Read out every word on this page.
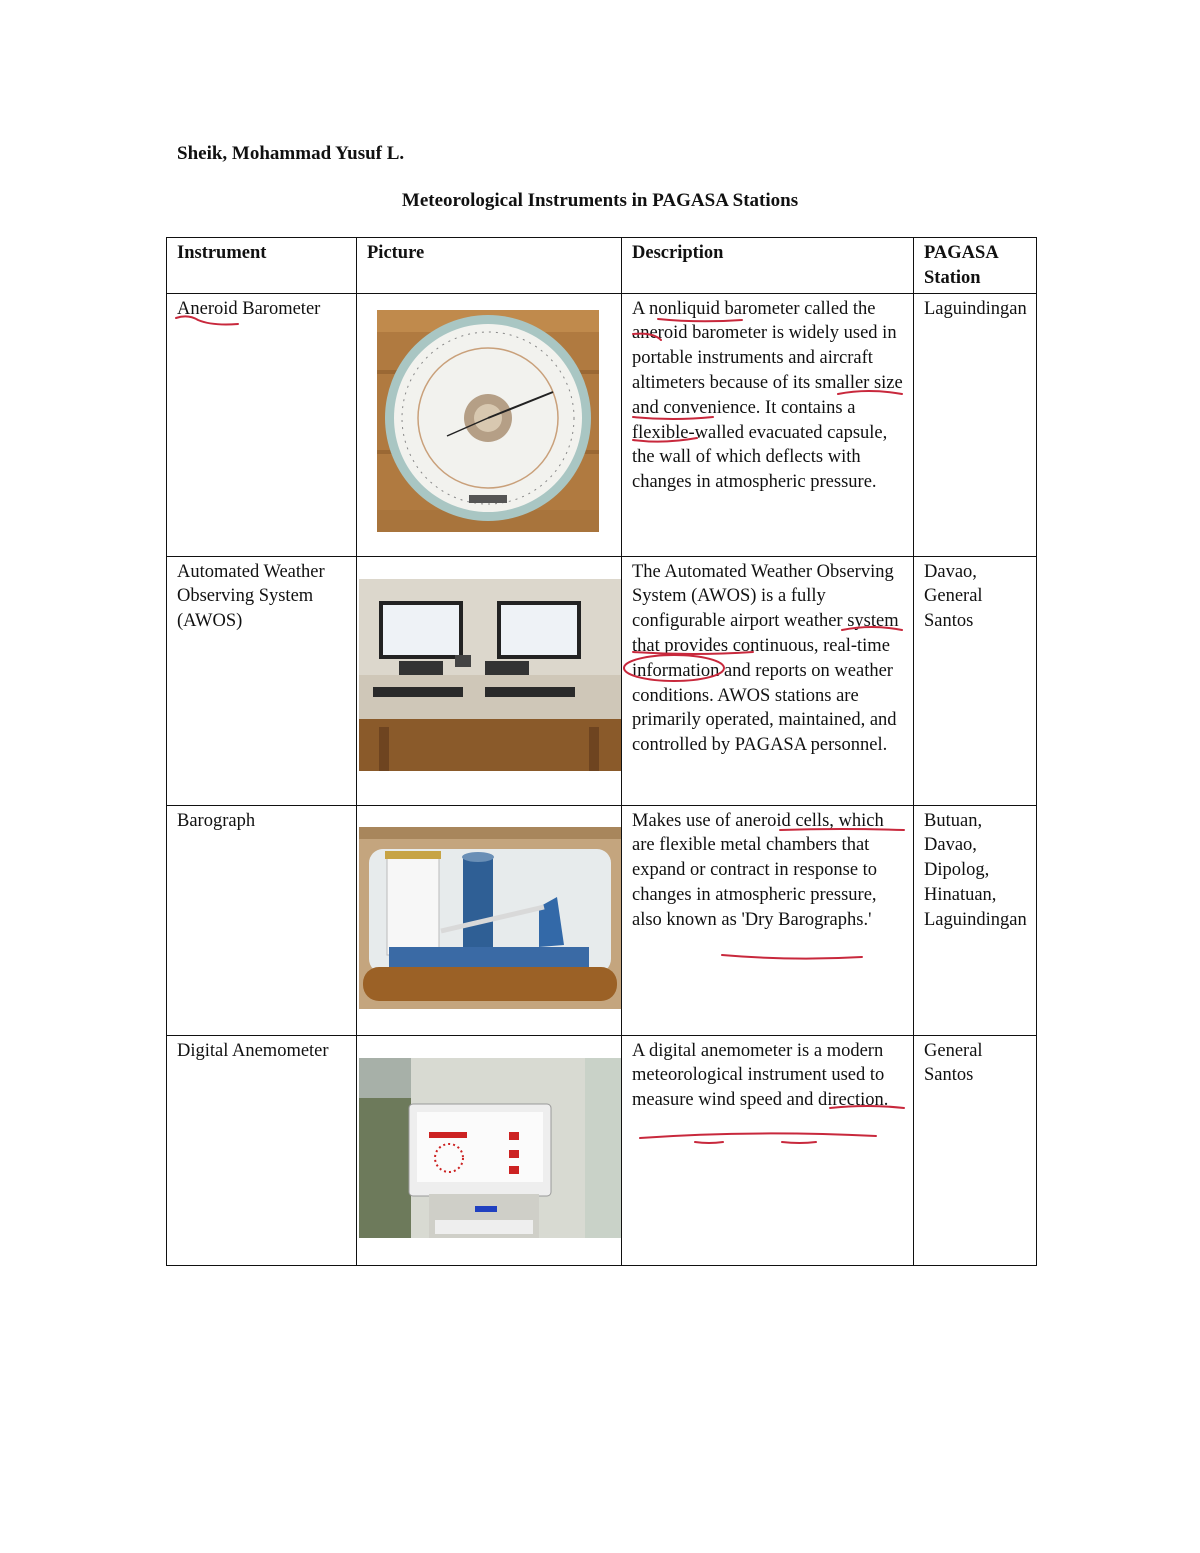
Sheik, Mohammad Yusuf L.
Meteorological Instruments in PAGASA Stations
Instrument	Picture	Description	PAGASA Station
Aneroid Barometer		A nonliquid barometer called the aneroid barometer is widely used in portable instruments and aircraft altimeters because of its smaller size and convenience. It contains a flexible-walled evacuated capsule, the wall of which deflects with changes in atmospheric pressure.	Laguindingan
Automated Weather Observing System (AWOS)		The Automated Weather Observing System (AWOS) is a fully configurable airport weather system that provides continuous, real-time information and reports on weather conditions. AWOS stations are primarily operated, maintained, and controlled by PAGASA personnel.	Davao, General Santos
Barograph		Makes use of aneroid cells, which are flexible metal chambers that expand or contract in response to changes in atmospheric pressure, also known as 'Dry Barographs.'	Butuan, Davao, Dipolog, Hinatuan, Laguindingan
Digital Anemometer		A digital anemometer is a modern meteorological instrument used to measure wind speed and direction.	General Santos
